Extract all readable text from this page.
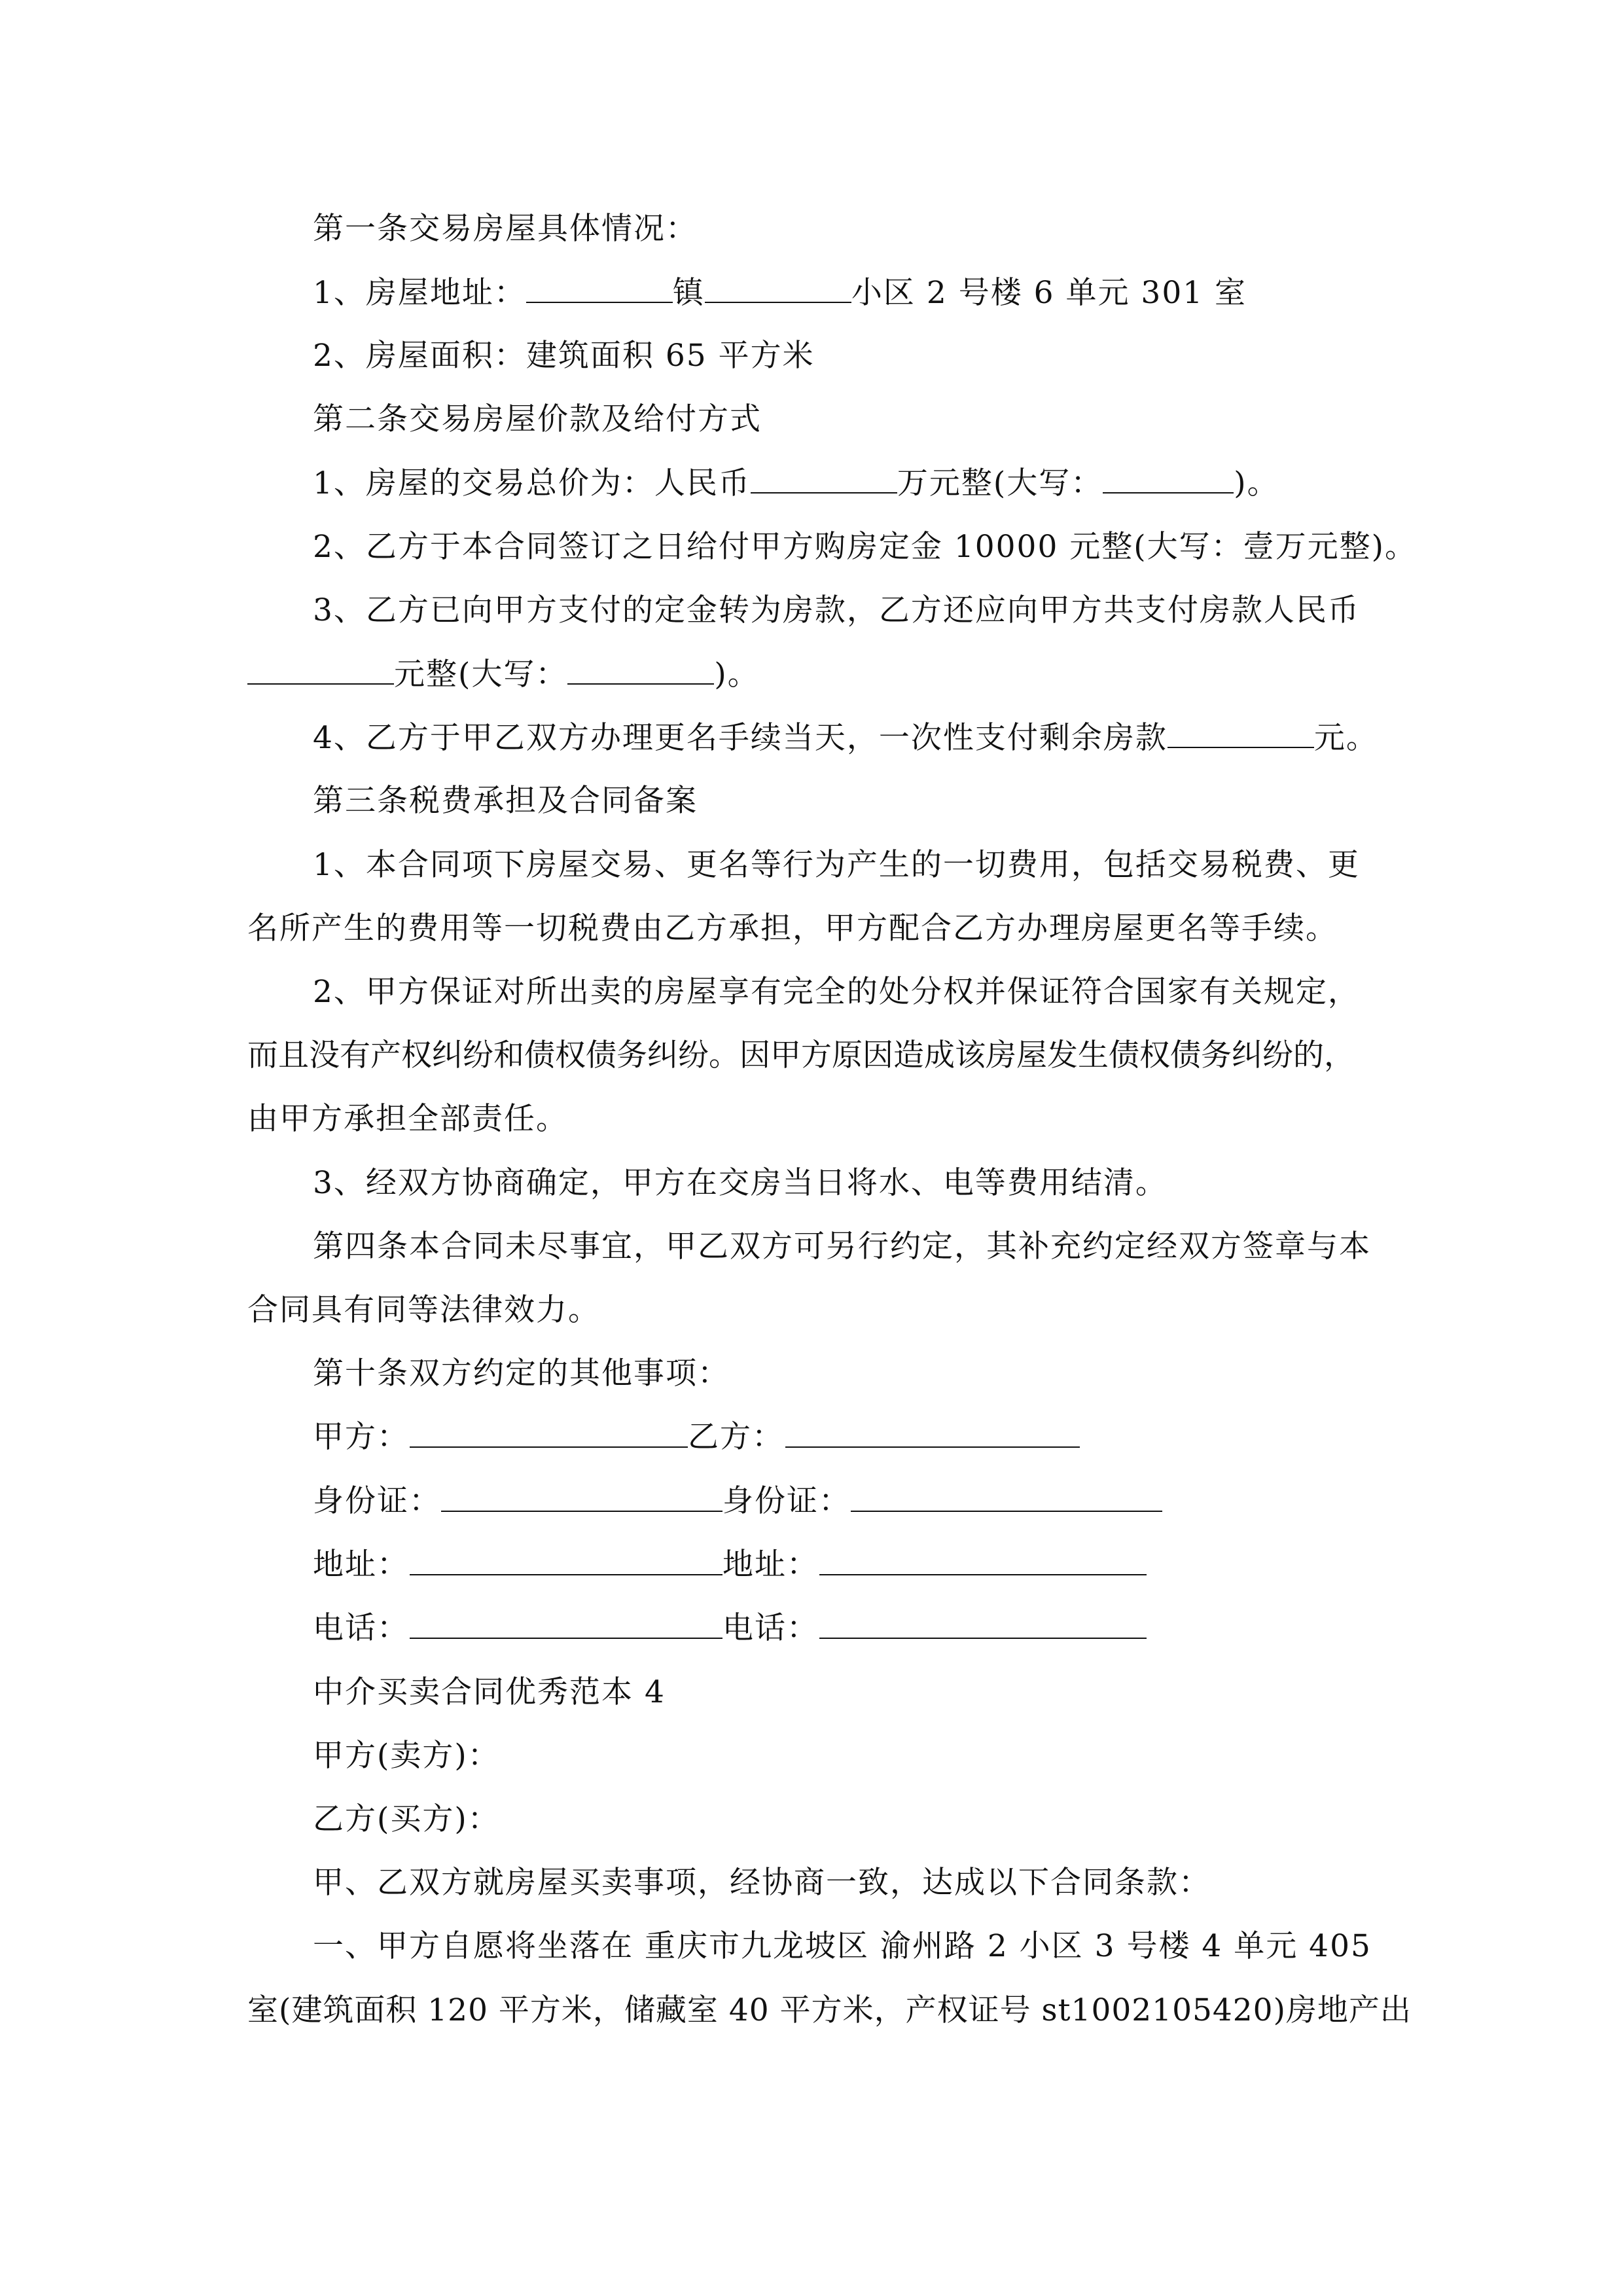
第一条交易房屋具体情况：
1、房屋地址：	镇	小区 2 号楼 6 单元 301 室
2、房屋面积：建筑面积 65 平方米
第二条交易房屋价款及给付方式
1、房屋的交易总价为：人民币	万元整(大写：	)。
2、乙方于本合同签订之日给付甲方购房定金 10000 元整(大写：壹万元整)。
3、乙方已向甲方支付的定金转为房款，乙方还应向甲方共支付房款人民币
元整(大写：	)。
4、乙方于甲乙双方办理更名手续当天，一次性支付剩余房款	元。
第三条税费承担及合同备案
1、本合同项下房屋交易、更名等行为产生的一切费用，包括交易税费、更
名所产生的费用等一切税费由乙方承担，甲方配合乙方办理房屋更名等手续。
2、甲方保证对所出卖的房屋享有完全的处分权并保证符合国家有关规定，
而且没有产权纠纷和债权债务纠纷。因甲方原因造成该房屋发生债权债务纠纷的，
由甲方承担全部责任。
3、经双方协商确定，甲方在交房当日将水、电等费用结清。
第四条本合同未尽事宜，甲乙双方可另行约定，其补充约定经双方签章与本
合同具有同等法律效力。
第十条双方约定的其他事项：
甲方：	乙方：
身份证：	身份证：
地址：	地址：
电话：	电话：
中介买卖合同优秀范本 4
甲方(卖方)：
乙方(买方)：
甲、乙双方就房屋买卖事项，经协商一致，达成以下合同条款：
一、甲方自愿将坐落在 重庆市九龙坡区 渝州路 2 小区 3 号楼 4 单元 405
室(建筑面积 120 平方米，储藏室 40 平方米，产权证号 st1002105420)房地产出
